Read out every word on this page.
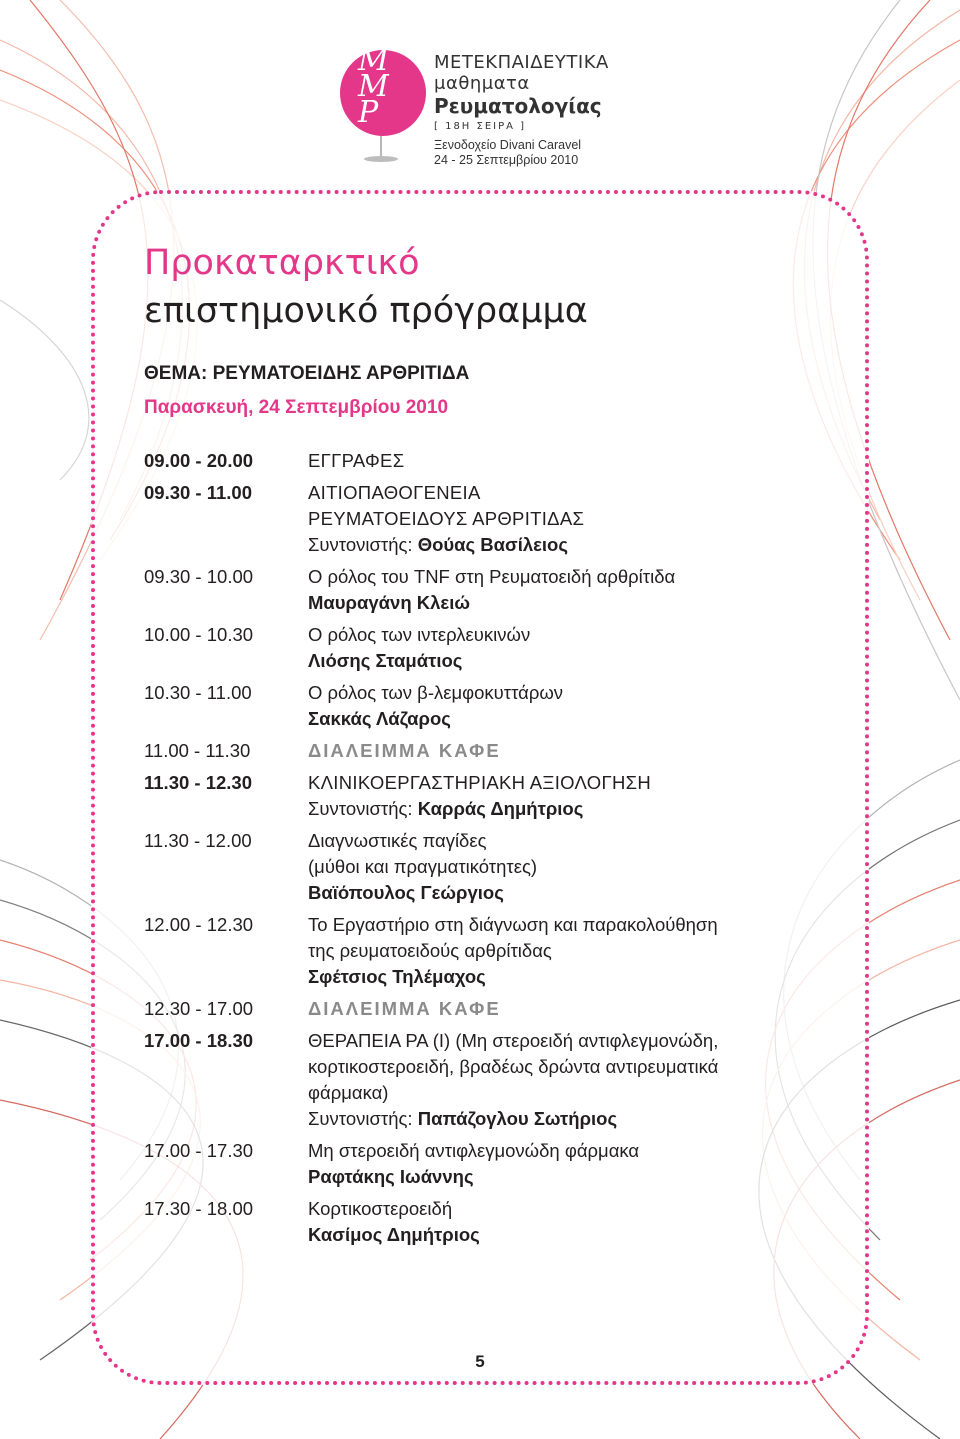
M
M
P
ΜΕΤΕΚΠΑΙΔΕΥΤΙΚΑ
μαθηματα
Ρευματολογίας
[ 18Η ΣΕΙΡΑ ]
Ξενοδοχείο Divani Caravel
24 - 25 Σεπτεμβρίου 2010
Προκαταρκτικό
επιστημονικό πρόγραμμα
ΘΕΜΑ: ΡΕΥΜΑΤΟΕΙΔΗΣ ΑΡΘΡΙΤΙΔΑ
Παρασκευή, 24 Σεπτεμβρίου 2010
09.00 - 20.00	ΕΓΓΡΑΦΕΣ
09.30 - 11.00	ΑΙΤΙΟΠΑΘΟΓΕΝΕΙΑ
ΡΕΥΜΑΤΟΕΙΔΟΥΣ ΑΡΘΡΙΤΙΔΑΣ
Συντονιστής: Θούας Βασίλειος
09.30 - 10.00	Ο ρόλος του TNF στη Ρευματοειδή αρθρίτιδα
Μαυραγάνη Κλειώ
10.00 - 10.30	Ο ρόλος των ιντερλευκινών
Λιόσης Σταμάτιος
10.30 - 11.00	Ο ρόλος των β-λεμφοκυττάρων
Σακκάς Λάζαρος
11.00 - 11.30	ΔΙΑΛΕΙΜΜΑ ΚΑΦΕ
11.30 - 12.30	ΚΛΙΝΙΚΟΕΡΓΑΣΤΗΡΙΑΚΗ ΑΞΙΟΛΟΓΗΣΗ
Συντονιστής: Καρράς Δημήτριος
11.30 - 12.00	Διαγνωστικές παγίδες
(μύθοι και πραγματικότητες)
Βαϊόπουλος Γεώργιος
12.00 - 12.30	Το Εργαστήριο στη διάγνωση και παρακολούθηση
της ρευματοειδούς αρθρίτιδας
Σφέτσιος Τηλέμαχος
12.30 - 17.00	ΔΙΑΛΕΙΜΜΑ ΚΑΦΕ
17.00 - 18.30	ΘΕΡΑΠΕΙΑ ΡΑ (Ι) (Μη στεροειδή αντιφλεγμονώδη,
κορτικοστεροειδή, βραδέως δρώντα αντιρευματικά
φάρμακα)
Συντονιστής: Παπάζογλου Σωτήριος
17.00 - 17.30	Μη στεροειδή αντιφλεγμονώδη φάρμακα
Ραφτάκης Ιωάννης
17.30 - 18.00	Κορτικοστεροειδή
Κασίμος Δημήτριος
5
